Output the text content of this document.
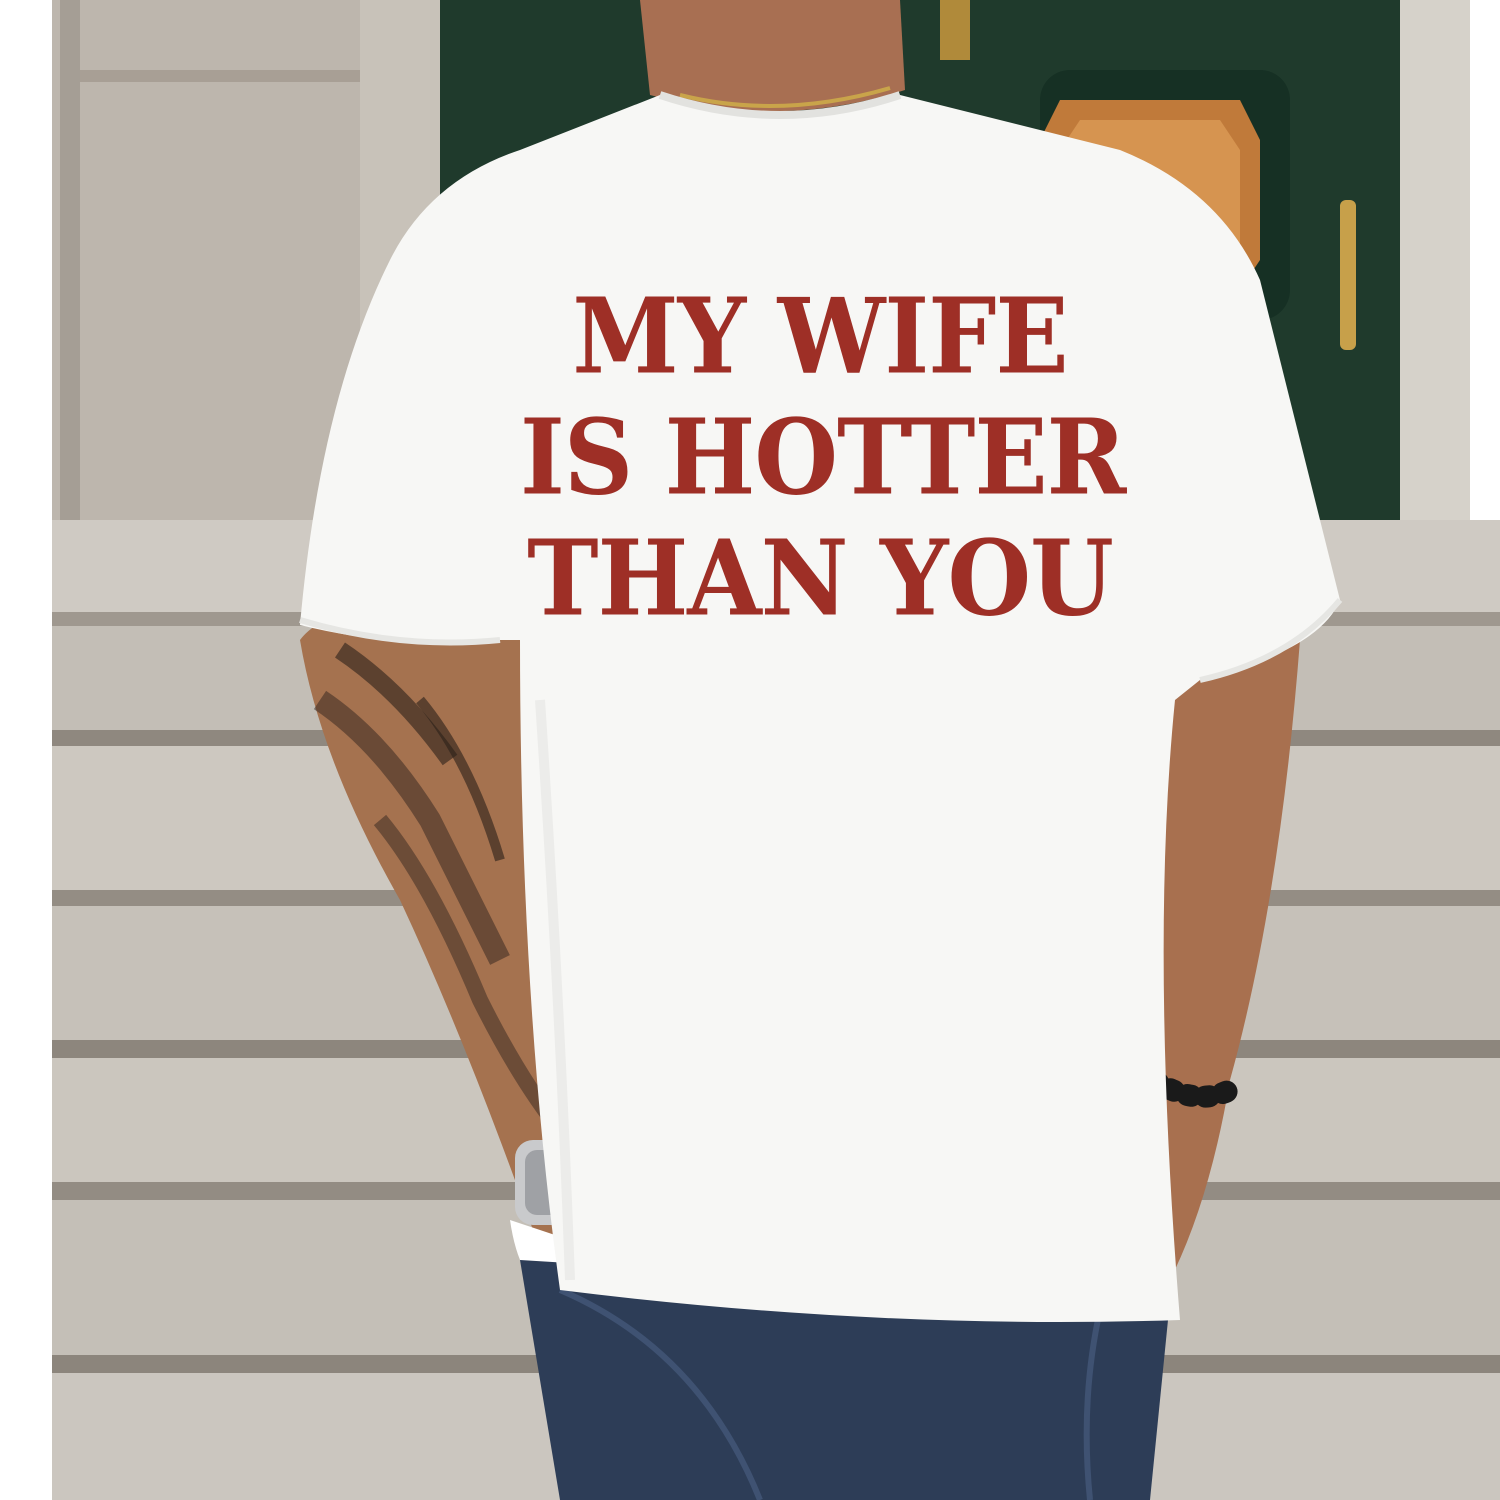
MY WIFE
IS HOTTER
THAN YOU
